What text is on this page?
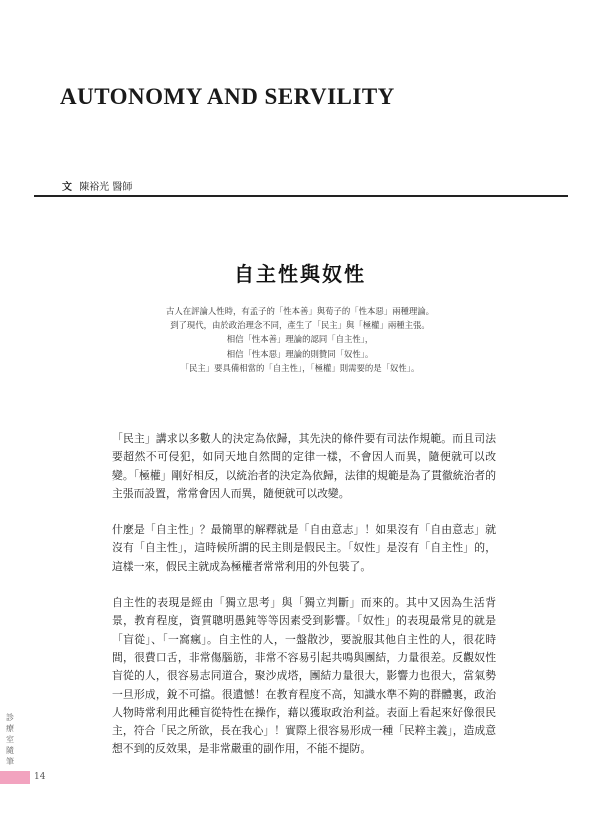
AUTONOMY AND SERVILITY
文 陳裕光 醫師
自主性與奴性
古人在評論人性時，有孟子的「性本善」與荀子的「性本惡」兩種理論。
到了現代，由於政治理念不同，產生了「民主」與「極權」兩種主張。
相信「性本善」理論的認同「自主性」，
相信「性本惡」理論的則贊同「奴性」。
「民主」要具備相當的「自主性」，「極權」則需要的是「奴性」。

「民主」講求以多數人的決定為依歸，其先決的條件要有司法作規範。而且司法要超然不可侵犯，如同天地自然間的定律一樣，不會因人而異，隨便就可以改變。「極權」剛好相反，以統治者的決定為依歸，法律的規範是為了貫徹統治者的主張而設置，常常會因人而異，隨便就可以改變。

什麼是「自主性」？最簡單的解釋就是「自由意志」！如果沒有「自由意志」就沒有「自主性」，這時候所謂的民主則是假民主。「奴性」是沒有「自主性」的，這樣一來，假民主就成為極權者常常利用的外包裝了。

自主性的表現是經由「獨立思考」與「獨立判斷」而來的。其中又因為生活背景，教育程度，資質聰明愚鈍等等因素受到影響。「奴性」的表現最常見的就是「盲從」、「一窩瘋」。自主性的人，一盤散沙，要說服其他自主性的人，很花時間，很費口舌，非常傷腦筋，非常不容易引起共鳴與團結，力量很差。反觀奴性盲從的人，很容易志同道合，聚沙成塔，團結力量很大，影響力也很大，當氣勢一旦形成，銳不可擋。很遺憾！在教育程度不高，知識水準不夠的群體裏，政治人物時常利用此種盲從特性在操作，藉以獲取政治利益。表面上看起來好像很民主，符合「民之所欲，長在我心」！實際上很容易形成一種「民粹主義」，造成意想不到的反效果，是非常嚴重的副作用，不能不提防。

診療室隨筆
14
